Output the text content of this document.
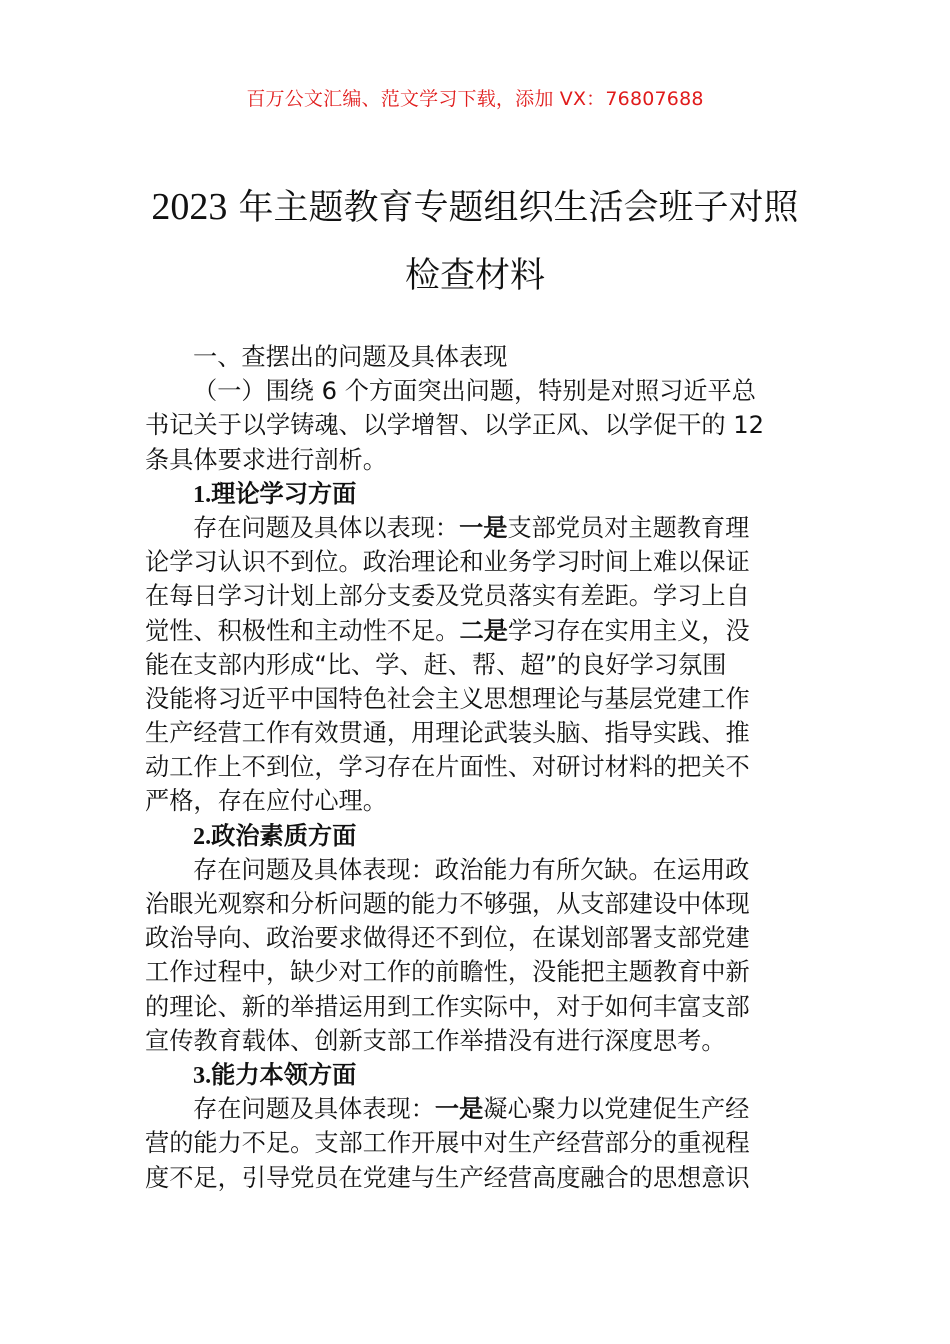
百万公文汇编、范文学习下载，添加 VX：76807688
2023 年主题教育专题组织生活会班子对照
检查材料
一、查摆出的问题及具体表现
（一）围绕 6 个方面突出问题，特别是对照习近平总
书记关于以学铸魂、以学增智、以学正风、以学促干的 12
条具体要求进行剖析。
1.理论学习方面
存在问题及具体以表现：一是支部党员对主题教育理
论学习认识不到位。政治理论和业务学习时间上难以保证
在每日学习计划上部分支委及党员落实有差距。学习上自
觉性、积极性和主动性不足。二是学习存在实用主义，没
能在支部内形成“比、学、赶、帮、超”的良好学习氛围
没能将习近平中国特色社会主义思想理论与基层党建工作
生产经营工作有效贯通，用理论武装头脑、指导实践、推
动工作上不到位，学习存在片面性、对研讨材料的把关不
严格，存在应付心理。
2.政治素质方面
存在问题及具体表现：政治能力有所欠缺。在运用政
治眼光观察和分析问题的能力不够强，从支部建设中体现
政治导向、政治要求做得还不到位，在谋划部署支部党建
工作过程中，缺少对工作的前瞻性，没能把主题教育中新
的理论、新的举措运用到工作实际中，对于如何丰富支部
宣传教育载体、创新支部工作举措没有进行深度思考。
3.能力本领方面
存在问题及具体表现：一是凝心聚力以党建促生产经
营的能力不足。支部工作开展中对生产经营部分的重视程
度不足，引导党员在党建与生产经营高度融合的思想意识
